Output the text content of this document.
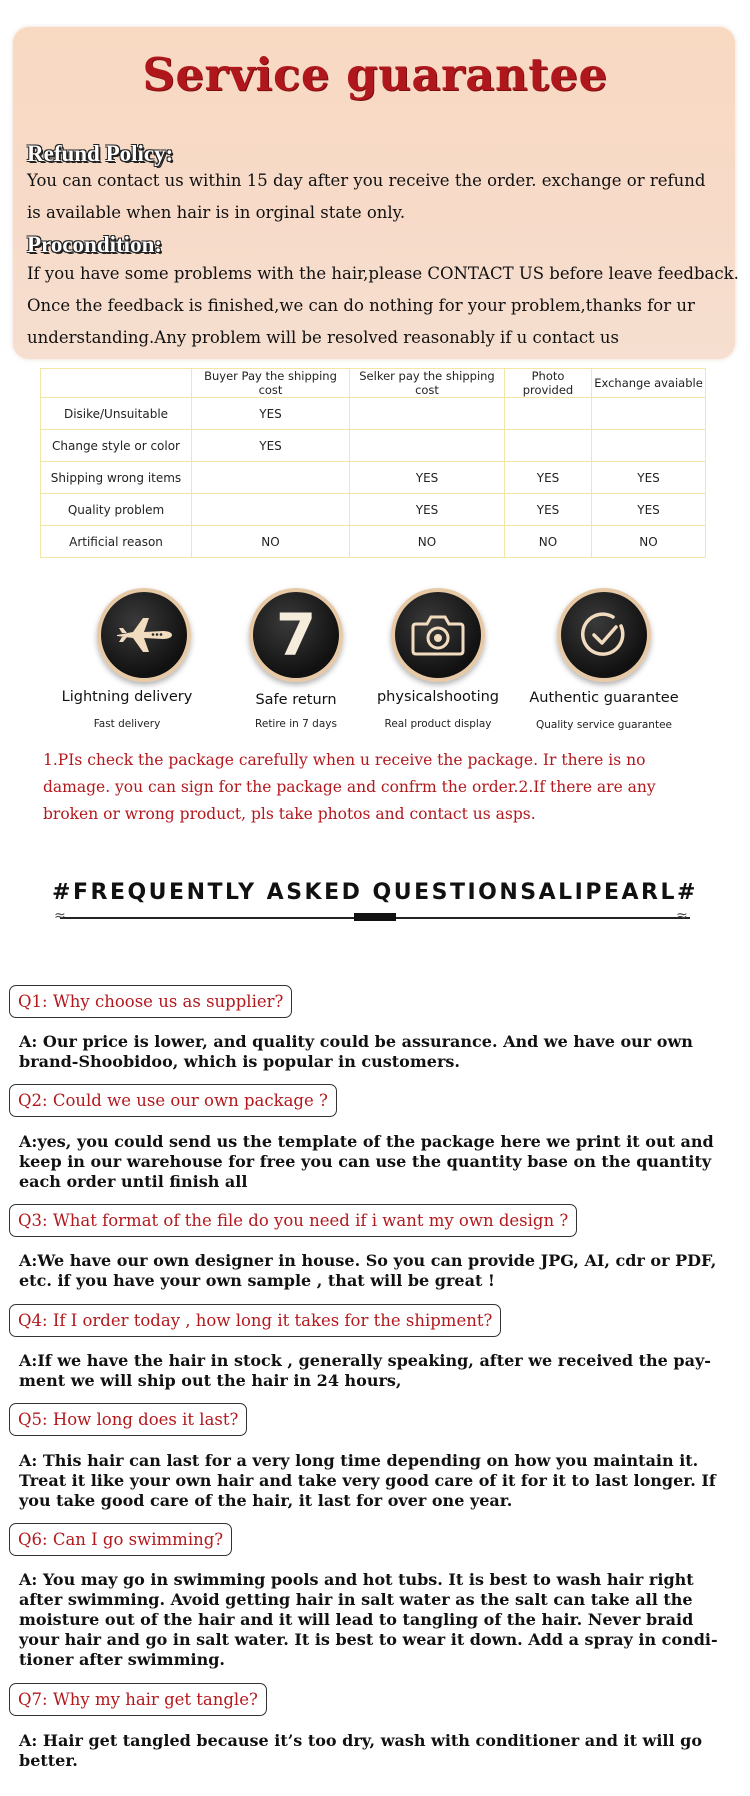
Service guarantee
Refund Policy:
You can contact us within 15 day after you receive the order. exchange or refund
is available when hair is in orginal state only.
Procondition:
If you have some problems with the hair,please CONTACT US before leave feedback.
Once the feedback is finished,we can do nothing for your problem,thanks for ur
understanding.Any problem will be resolved reasonably if u contact us
	Buyer Pay the shipping cost	Selker pay the shipping cost	Photo provided	Exchange avaiable
Disike/Unsuitable	YES			
Change style or color	YES			
Shipping wrong items		YES	YES	YES
Quality problem		YES	YES	YES
Artificial reason	NO	NO	NO	NO
7
Lightning delivery
Fast delivery
Safe return
Retire in 7 days
physicalshooting
Real product display
Authentic guarantee
Quality service guarantee
1.PIs check the package carefully when u receive the package. Ir there is no
damage. you can sign for the package and confrm the order.2.If there are any
broken or wrong product, pls take photos and contact us asps.
#FREQUENTLY ASKED QUESTIONSALIPEARL#
≈	≈
Q1: Why choose us as supplier?
A: Our price is lower, and quality could be assurance. And we have our own
brand-Shoobidoo, which is popular in customers.
Q2: Could we use our own package ?
A:yes, you could send us the template of the package here we print it out and
keep in our warehouse for free you can use the quantity base on the quantity
each order until finish all
Q3: What format of the file do you need if i want my own design ?
A:We have our own designer in house. So you can provide JPG, AI, cdr or PDF,
etc. if you have your own sample , that will be great !
Q4: If I order today , how long it takes for the shipment?
A:If we have the hair in stock , generally speaking, after we received the pay-
ment we will ship out the hair in 24 hours,
Q5: How long does it last?
A: This hair can last for a very long time depending on how you maintain it.
Treat it like your own hair and take very good care of it for it to last longer. If
you take good care of the hair, it last for over one year.
Q6: Can I go swimming?
A: You may go in swimming pools and hot tubs. It is best to wash hair right
after swimming. Avoid getting hair in salt water as the salt can take all the
moisture out of the hair and it will lead to tangling of the hair. Never braid
your hair and go in salt water. It is best to wear it down. Add a spray in condi-
tioner after swimming.
Q7: Why my hair get tangle?
A: Hair get tangled because it’s too dry, wash with conditioner and it will go
better.
